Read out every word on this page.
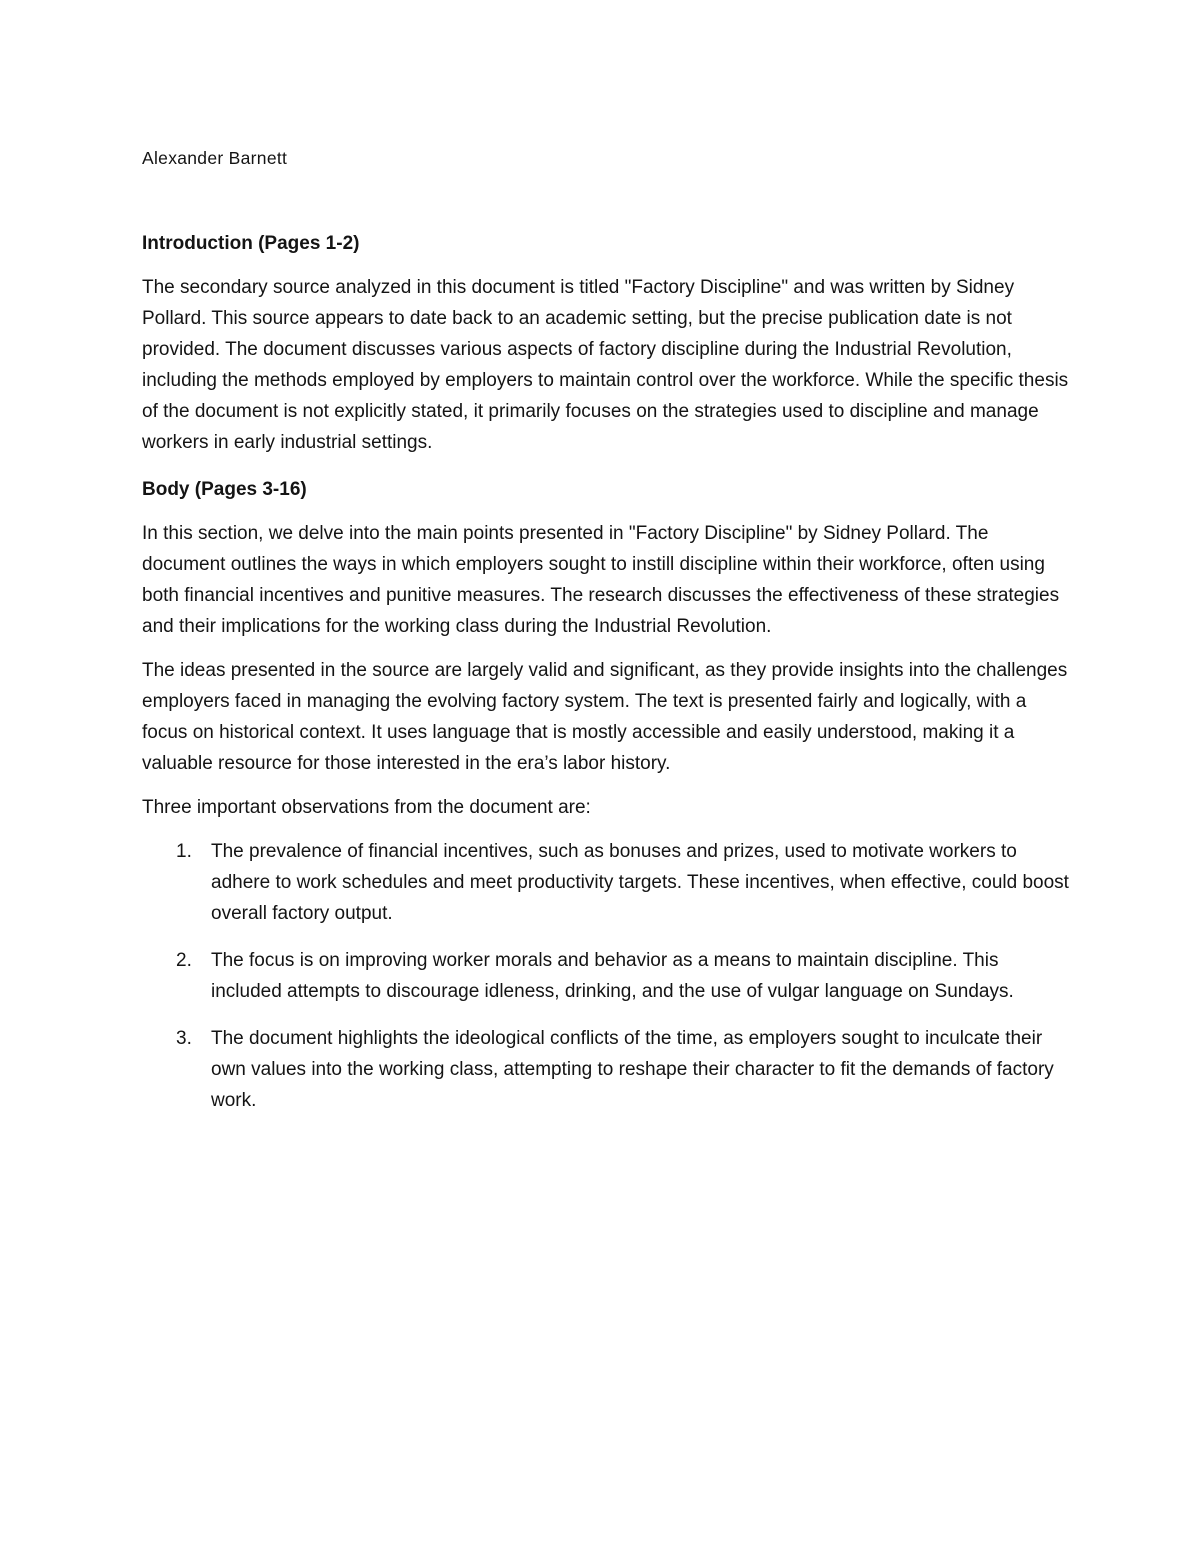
Alexander Barnett

Introduction (Pages 1-2)

The secondary source analyzed in this document is titled "Factory Discipline" and was written by Sidney Pollard. This source appears to date back to an academic setting, but the precise publication date is not provided. The document discusses various aspects of factory discipline during the Industrial Revolution, including the methods employed by employers to maintain control over the workforce. While the specific thesis of the document is not explicitly stated, it primarily focuses on the strategies used to discipline and manage workers in early industrial settings.

Body (Pages 3-16)

In this section, we delve into the main points presented in "Factory Discipline" by Sidney Pollard. The document outlines the ways in which employers sought to instill discipline within their workforce, often using both financial incentives and punitive measures. The research discusses the effectiveness of these strategies and their implications for the working class during the Industrial Revolution.

The ideas presented in the source are largely valid and significant, as they provide insights into the challenges employers faced in managing the evolving factory system. The text is presented fairly and logically, with a focus on historical context. It uses language that is mostly accessible and easily understood, making it a valuable resource for those interested in the era’s labor history.

Three important observations from the document are:

1. The prevalence of financial incentives, such as bonuses and prizes, used to motivate workers to adhere to work schedules and meet productivity targets. These incentives, when effective, could boost overall factory output.
2. The focus is on improving worker morals and behavior as a means to maintain discipline. This included attempts to discourage idleness, drinking, and the use of vulgar language on Sundays.
3. The document highlights the ideological conflicts of the time, as employers sought to inculcate their own values into the working class, attempting to reshape their character to fit the demands of factory work.
